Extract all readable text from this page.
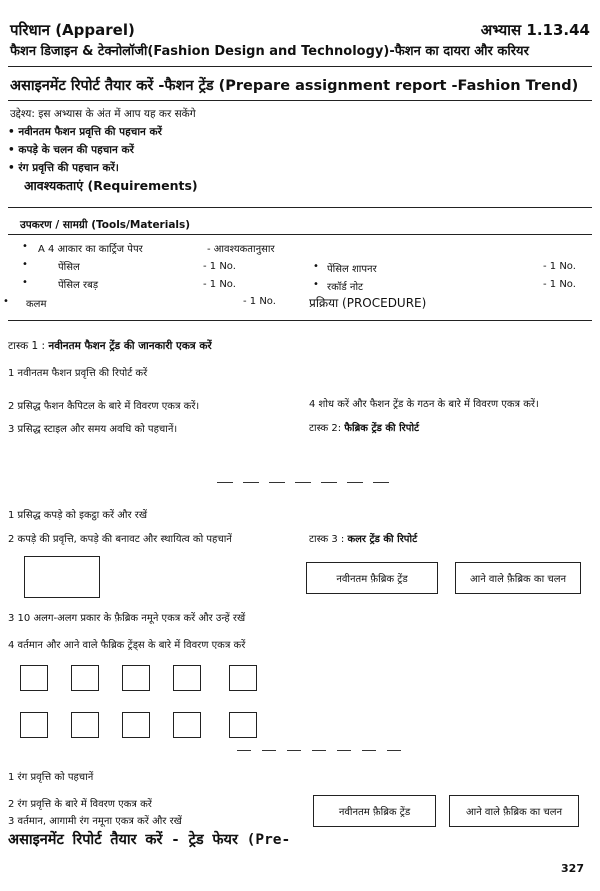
परिधान (Apparel)	अभ्यास 1.13.44
फैशन डिजाइन & टेक्नोलॉजी(Fashion Design and Technology)-फैशन का दायरा और करियर
असाइनमेंट रिपोर्ट तैयार करें -फैशन ट्रेंड (Prepare assignment report -Fashion Trend)
उद्देश्य: इस अभ्यास के अंत में आप यह कर सकेंगे
• नवीनतम फैशन प्रवृत्ति की पहचान करें
• कपड़े के चलन की पहचान करें
• रंग प्रवृत्ति की पहचान करें।
आवश्यकताएं (Requirements)
उपकरण / सामग्री (Tools/Materials)
• A 4 आकार का कार्ट्रिज पेपर	- आवश्यकतानुसार
•	पेंसिल	- 1 No.
•	पेंसिल रबड़	- 1 No.
• कलम	- 1 No.
• पेंसिल शापनर	- 1 No.
• रकॉर्ड नोट	- 1 No.
प्रक्रिया (PROCEDURE)
टास्क 1 : नवीनतम फैशन ट्रेंड की जानकारी एकत्र करें
1 नवीनतम फैशन प्रवृत्ति की रिपोर्ट करें
2 प्रसिद्ध फैशन कैपिटल के बारे में विवरण एकत्र करें।
3 प्रसिद्ध स्टाइल और समय अवधि को पहचानें।
4 शोध करें और फैशन ट्रेंड के गठन के बारे में विवरण एकत्र करें।
टास्क 2: फैब्रिक ट्रेंड की रिपोर्ट
1 प्रसिद्ध कपड़े को इकट्ठा करें और रखें
2 कपड़े की प्रवृत्ति, कपड़े की बनावट और स्थायित्व को पहचानें	टास्क 3 : कलर ट्रेंड की रिपोर्ट
नवीनतम फ़ैब्रिक ट्रेंड	आने वाले फ़ैब्रिक का चलन
3 10 अलग-अलग प्रकार के फ़ैब्रिक नमूने एकत्र करें और उन्हें रखें
4 वर्तमान और आने वाले फैब्रिक ट्रेंड्स के बारे में विवरण एकत्र करें
1 रंग प्रवृत्ति को पहचानें
2 रंग प्रवृत्ति के बारे में विवरण एकत्र करें
3 वर्तमान, आगामी रंग नमूना एकत्र करें और रखें
नवीनतम फ़ैब्रिक ट्रेंड	आने वाले फ़ैब्रिक का चलन
असाइनमेंट रिपोर्ट तैयार करें - ट्रेड फेयर (Pre-
327
